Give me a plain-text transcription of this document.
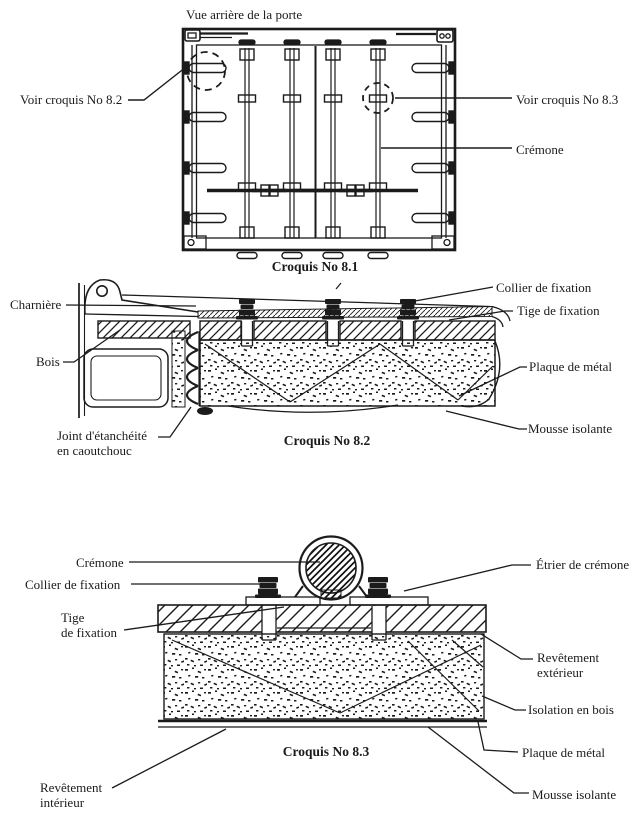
Vue arrière de la porte
Voir croquis No 8.2	Voir croquis No 8.3
Crémone
Croquis No 8.1
Charnière
Bois
Joint d'étanchéité
en caoutchouc
Collier de fixation
Tige de fixation
Plaque de métal
Mousse isolante
Croquis No 8.2
Crémone
Collier de fixation
Tige
de fixation
Revêtement
intérieur
Étrier de crémone
Revêtement
extérieur
Isolation en bois
Plaque de métal
Mousse isolante
Croquis No 8.3
